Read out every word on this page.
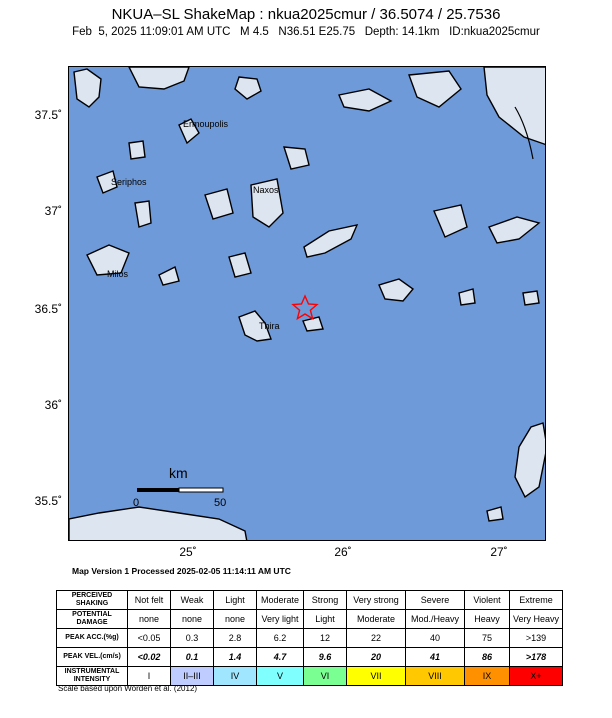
NKUA–SL ShakeMap : nkua2025cmur / 36.5074 / 25.7536
Feb  5, 2025 11:09:01 AM UTC   M 4.5   N36.51 E25.75   Depth: 14.1km   ID:nkua2025cmur
km
0	50
Ermoupolis
Seriphos
Naxos
Milos
Thira
37.5˚
37˚
36.5˚
36˚
35.5˚
25˚	26˚	27˚
Map Version 1 Processed 2025-02-05 11:14:11 AM UTC
PERCEIVED SHAKING	Not felt	Weak	Light	Moderate	Strong	Very strong	Severe	Violent	Extreme
POTENTIAL DAMAGE	none	none	none	Very light	Light	Moderate	Mod./Heavy	Heavy	Very Heavy
PEAK ACC.(%g)	<0.05	0.3	2.8	6.2	12	22	40	75	>139
PEAK VEL.(cm/s)	<0.02	0.1	1.4	4.7	9.6	20	41	86	>178
INSTRUMENTAL INTENSITY	I	II–III	IV	V	VI	VII	VIII	IX	X+
Scale based upon Worden et al. (2012)
